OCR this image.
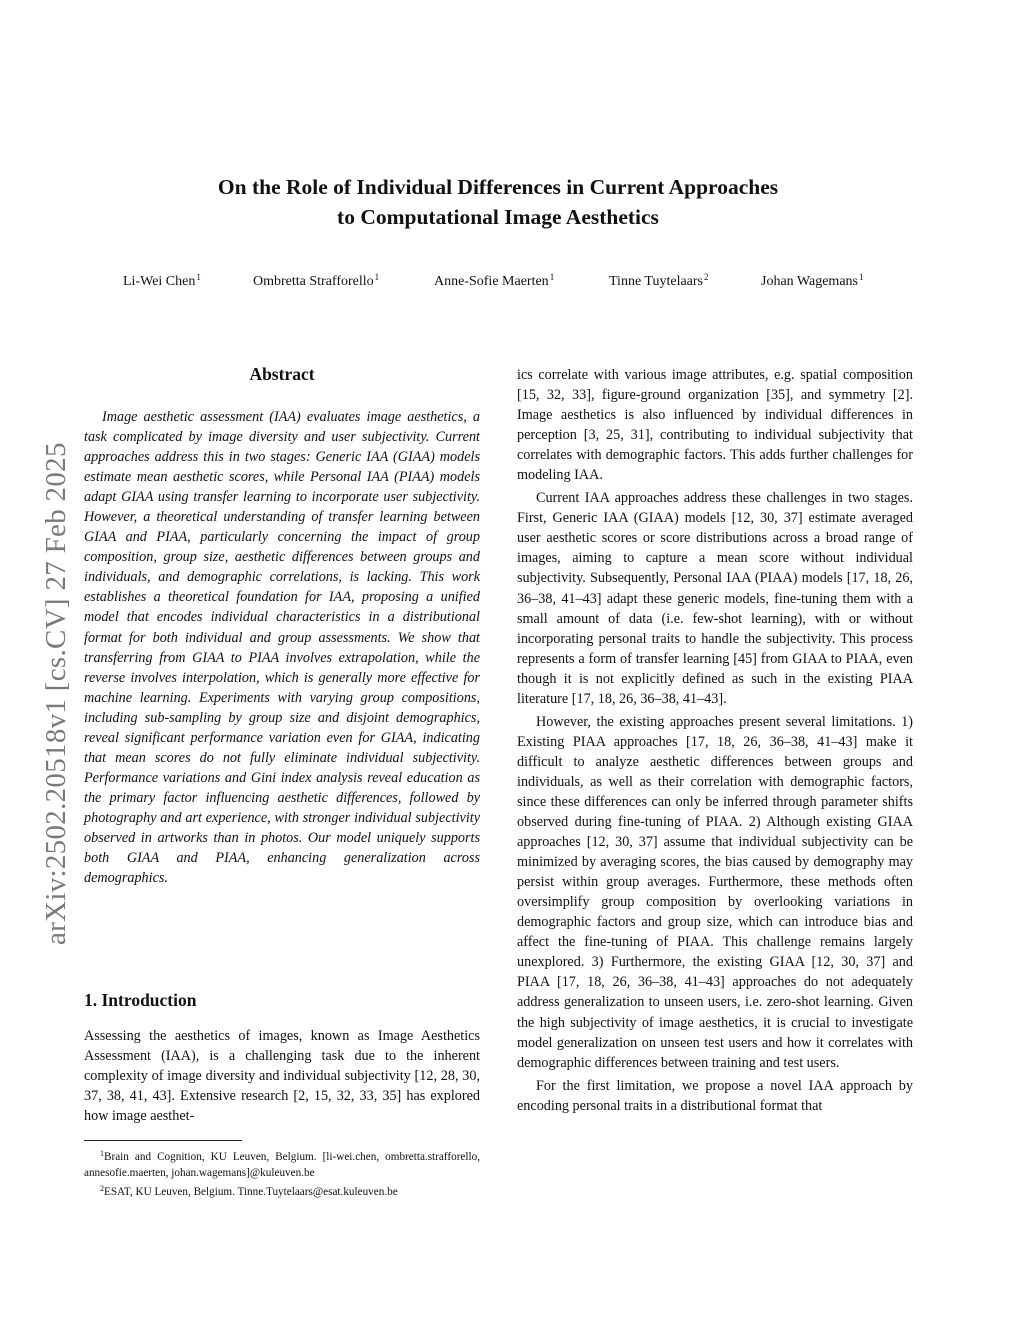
arXiv:2502.20518v1 [cs.CV] 27 Feb 2025
On the Role of Individual Differences in Current Approaches
to Computational Image Aesthetics
Li-Wei Chen$^1$	Ombretta Strafforello$^1$	Anne-Sofie Maerten$^1$	Tinne Tuytelaars$^2$	Johan Wagemans$^1$
Abstract

Image aesthetic assessment (IAA) evaluates image aesthetics, a task complicated by image diversity and user subjectivity. Current approaches address this in two stages: Generic IAA (GIAA) models estimate mean aesthetic scores, while Personal IAA (PIAA) models adapt GIAA using transfer learning to incorporate user subjectivity. However, a theoretical understanding of transfer learning between GIAA and PIAA, particularly concerning the impact of group composition, group size, aesthetic differences between groups and individuals, and demographic correlations, is lacking. This work establishes a theoretical foundation for IAA, proposing a unified model that encodes individual characteristics in a distributional format for both individual and group assessments. We show that transferring from GIAA to PIAA involves extrapolation, while the reverse involves interpolation, which is generally more effective for machine learning. Experiments with varying group compositions, including sub-sampling by group size and disjoint demographics, reveal significant performance variation even for GIAA, indicating that mean scores do not fully eliminate individual subjectivity. Performance variations and Gini index analysis reveal education as the primary factor influencing aesthetic differences, followed by photography and art experience, with stronger individual subjectivity observed in artworks than in photos. Our model uniquely supports both GIAA and PIAA, enhancing generalization across demographics.

1. Introduction

Assessing the aesthetics of images, known as Image Aesthetics Assessment (IAA), is a challenging task due to the inherent complexity of image diversity and individual subjectivity [12, 28, 30, 37, 38, 41, 43]. Extensive research [2, 15, 32, 33, 35] has explored how image aesthet-

$^1$Brain and Cognition, KU Leuven, Belgium. [li-wei.chen, ombretta.strafforello, annesofie.maerten, johan.wagemans]@kuleuven.be

$^2$ESAT, KU Leuven, Belgium. Tinne.Tuytelaars@esat.kuleuven.be

ics correlate with various image attributes, e.g. spatial composition [15, 32, 33], figure-ground organization [35], and symmetry [2]. Image aesthetics is also influenced by individual differences in perception [3, 25, 31], contributing to individual subjectivity that correlates with demographic factors. This adds further challenges for modeling IAA.

Current IAA approaches address these challenges in two stages. First, Generic IAA (GIAA) models [12, 30, 37] estimate averaged user aesthetic scores or score distributions across a broad range of images, aiming to capture a mean score without individual subjectivity. Subsequently, Personal IAA (PIAA) models [17, 18, 26, 36–38, 41–43] adapt these generic models, fine-tuning them with a small amount of data (i.e. few-shot learning), with or without incorporating personal traits to handle the subjectivity. This process represents a form of transfer learning [45] from GIAA to PIAA, even though it is not explicitly defined as such in the existing PIAA literature [17, 18, 26, 36–38, 41–43].

However, the existing approaches present several limitations. 1) Existing PIAA approaches [17, 18, 26, 36–38, 41–43] make it difficult to analyze aesthetic differences between groups and individuals, as well as their correlation with demographic factors, since these differences can only be inferred through parameter shifts observed during fine-tuning of PIAA. 2) Although existing GIAA approaches [12, 30, 37] assume that individual subjectivity can be minimized by averaging scores, the bias caused by demography may persist within group averages. Furthermore, these methods often oversimplify group composition by overlooking variations in demographic factors and group size, which can introduce bias and affect the fine-tuning of PIAA. This challenge remains largely unexplored. 3) Furthermore, the existing GIAA [12, 30, 37] and PIAA [17, 18, 26, 36–38, 41–43] approaches do not adequately address generalization to unseen users, i.e. zero-shot learning. Given the high subjectivity of image aesthetics, it is crucial to investigate model generalization on unseen test users and how it correlates with demographic differences between training and test users.

For the first limitation, we propose a novel IAA approach by encoding personal traits in a distributional format that
